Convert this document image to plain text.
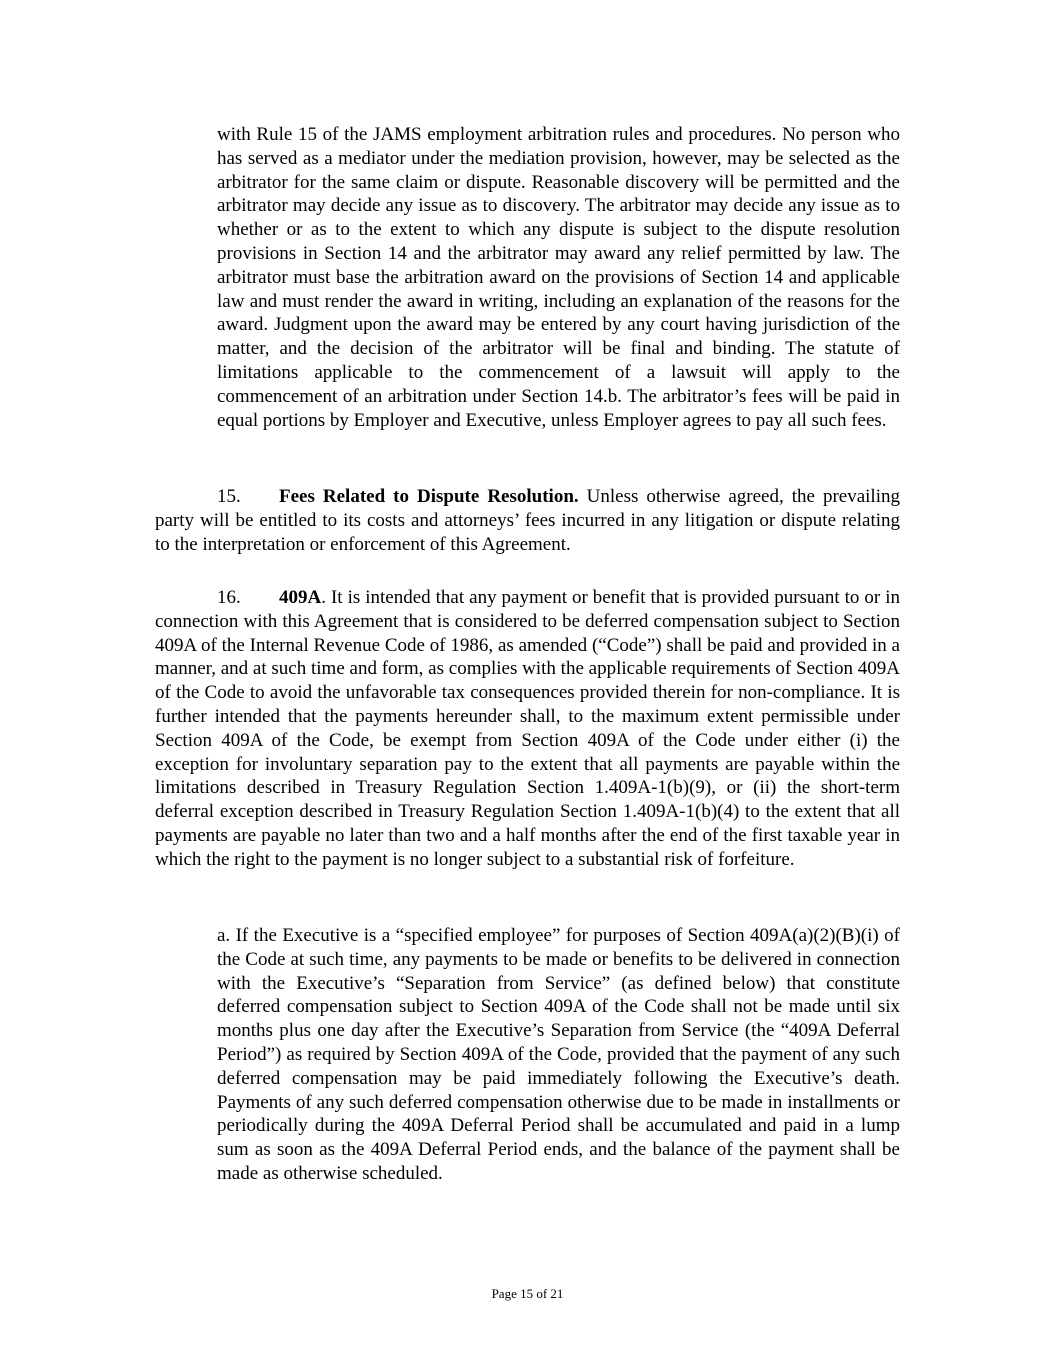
with Rule 15 of the JAMS employment arbitration rules and procedures. No person who has served as a mediator under the mediation provision, however, may be selected as the arbitrator for the same claim or dispute. Reasonable discovery will be permitted and the arbitrator may decide any issue as to discovery. The arbitrator may decide any issue as to whether or as to the extent to which any dispute is subject to the dispute resolution provisions in Section 14 and the arbitrator may award any relief permitted by law. The arbitrator must base the arbitration award on the provisions of Section 14 and applicable law and must render the award in writing, including an explanation of the reasons for the award. Judgment upon the award may be entered by any court having jurisdiction of the matter, and the decision of the arbitrator will be final and binding. The statute of limitations applicable to the commencement of a lawsuit will apply to the commencement of an arbitration under Section 14.b. The arbitrator’s fees will be paid in equal portions by Employer and Executive, unless Employer agrees to pay all such fees.

15. Fees Related to Dispute Resolution. Unless otherwise agreed, the prevailing party will be entitled to its costs and attorneys’ fees incurred in any litigation or dispute relating to the interpretation or enforcement of this Agreement.

16. 409A. It is intended that any payment or benefit that is provided pursuant to or in connection with this Agreement that is considered to be deferred compensation subject to Section 409A of the Internal Revenue Code of 1986, as amended (“Code”) shall be paid and provided in a manner, and at such time and form, as complies with the applicable requirements of Section 409A of the Code to avoid the unfavorable tax consequences provided therein for non-compliance. It is further intended that the payments hereunder shall, to the maximum extent permissible under Section 409A of the Code, be exempt from Section 409A of the Code under either (i) the exception for involuntary separation pay to the extent that all payments are payable within the limitations described in Treasury Regulation Section 1.409A-1(b)(9), or (ii) the short-term deferral exception described in Treasury Regulation Section 1.409A-1(b)(4) to the extent that all payments are payable no later than two and a half months after the end of the first taxable year in which the right to the payment is no longer subject to a substantial risk of forfeiture.

a. If the Executive is a “specified employee” for purposes of Section 409A(a)(2)(B)(i) of the Code at such time, any payments to be made or benefits to be delivered in connection with the Executive’s “Separation from Service” (as defined below) that constitute deferred compensation subject to Section 409A of the Code shall not be made until six months plus one day after the Executive’s Separation from Service (the “409A Deferral Period”) as required by Section 409A of the Code, provided that the payment of any such deferred compensation may be paid immediately following the Executive’s death. Payments of any such deferred compensation otherwise due to be made in installments or periodically during the 409A Deferral Period shall be accumulated and paid in a lump sum as soon as the 409A Deferral Period ends, and the balance of the payment shall be made as otherwise scheduled.

Page 15 of 21
